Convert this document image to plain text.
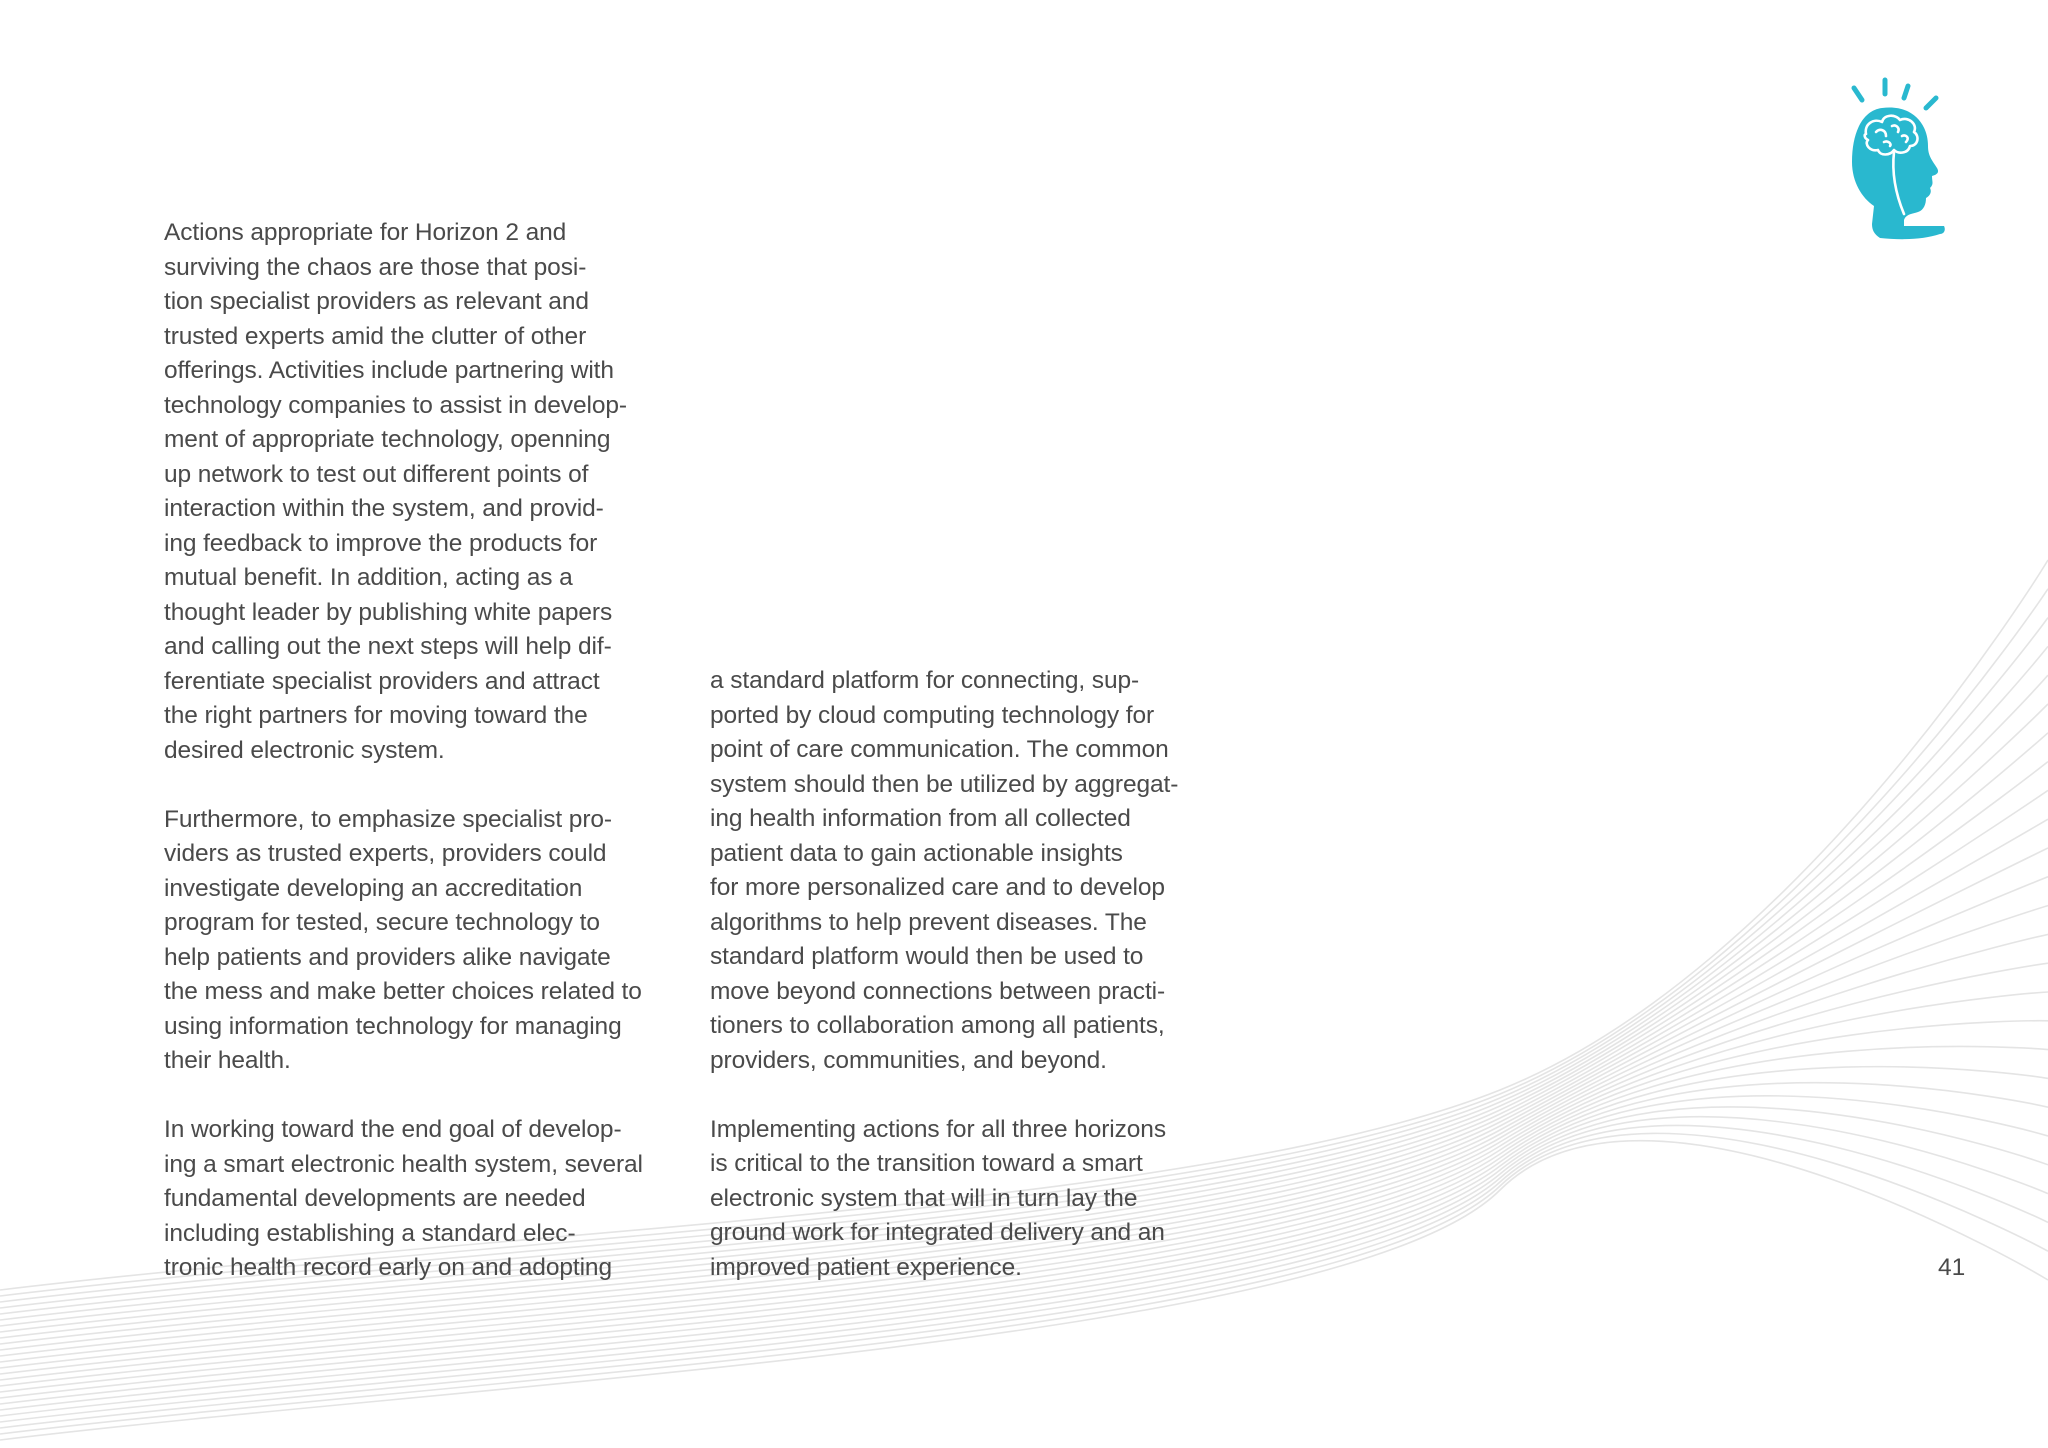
Actions appropriate for Horizon 2 and
surviving the chaos are those that posi-
tion specialist providers as relevant and
trusted experts amid the clutter of other
offerings. Activities include partnering with
technology companies to assist in develop-
ment of appropriate technology, openning
up network to test out different points of
interaction within the system, and provid-
ing feedback to improve the products for
mutual benefit. In addition, acting as a
thought leader by publishing white papers
and calling out the next steps will help dif-
ferentiate specialist providers and attract
the right partners for moving toward the
desired electronic system.

Furthermore, to emphasize specialist pro-
viders as trusted experts, providers could
investigate developing an accreditation
program for tested, secure technology to
help patients and providers alike navigate
the mess and make better choices related to
using information technology for managing
their health.

In working toward the end goal of develop-
ing a smart electronic health system, several
fundamental developments are needed
including establishing a standard elec-
tronic health record early on and adopting

a standard platform for connecting, sup-
ported by cloud computing technology for
point of care communication. The common
system should then be utilized by aggregat-
ing health information from all collected
patient data to gain actionable insights
for more personalized care and to develop
algorithms to help prevent diseases. The
standard platform would then be used to
move beyond connections between practi-
tioners to collaboration among all patients,
providers, communities, and beyond.

Implementing actions for all three horizons
is critical to the transition toward a smart
electronic system that will in turn lay the
ground work for integrated delivery and an
improved patient experience.	41
